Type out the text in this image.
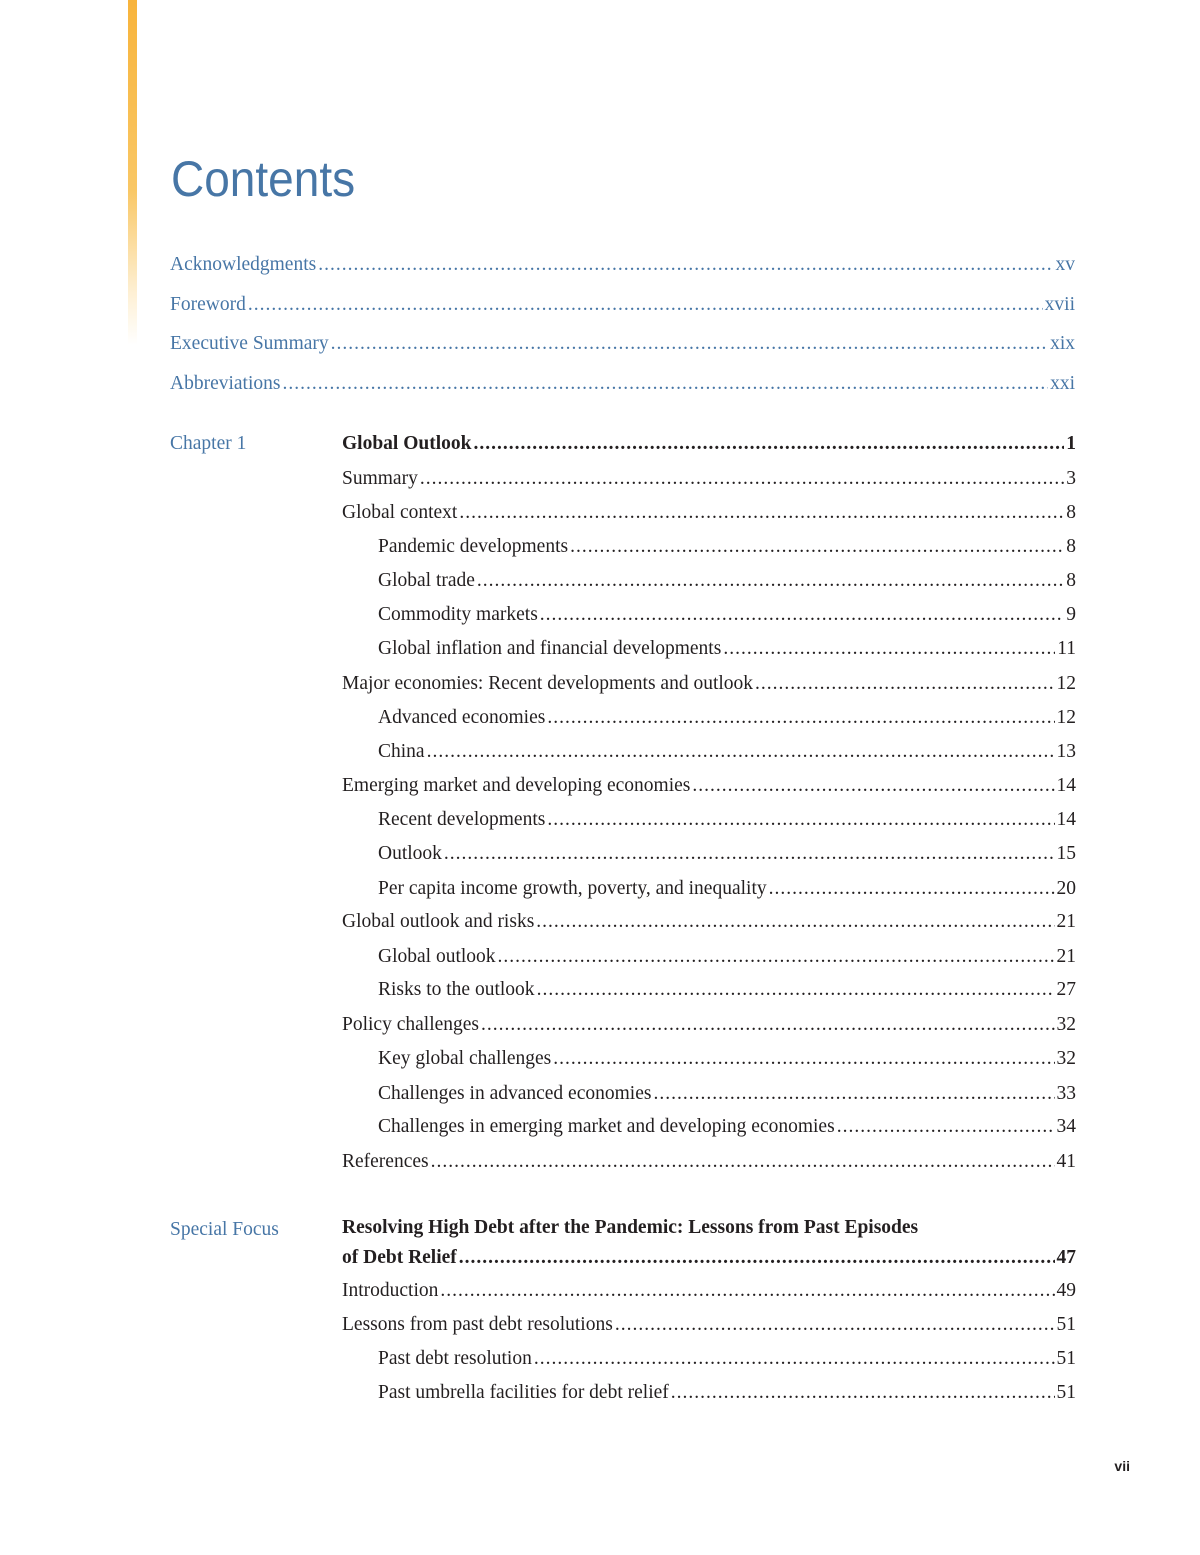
Contents
Acknowledgments .....	xv
Foreword .....	xvii
Executive Summary .....	xix
Abbreviations .....	xxi
Chapter 1	Global Outlook .....	1
Summary .....	3
Global context .....	8
Pandemic developments .....	8
Global trade .....	8
Commodity markets .....	9
Global inflation and financial developments .....	11
Major economies: Recent developments and outlook .....	12
Advanced economies .....	12
China .....	13
Emerging market and developing economies .....	14
Recent developments .....	14
Outlook .....	15
Per capita income growth, poverty, and inequality .....	20
Global outlook and risks .....	21
Global outlook .....	21
Risks to the outlook .....	27
Policy challenges .....	32
Key global challenges .....	32
Challenges in advanced economies .....	33
Challenges in emerging market and developing economies .....	34
References .....	41
Special Focus	Resolving High Debt after the Pandemic: Lessons from Past Episodes
of Debt Relief .....	47
Introduction .....	49
Lessons from past debt resolutions .....	51
Past debt resolution .....	51
Past umbrella facilities for debt relief .....	51
vii
